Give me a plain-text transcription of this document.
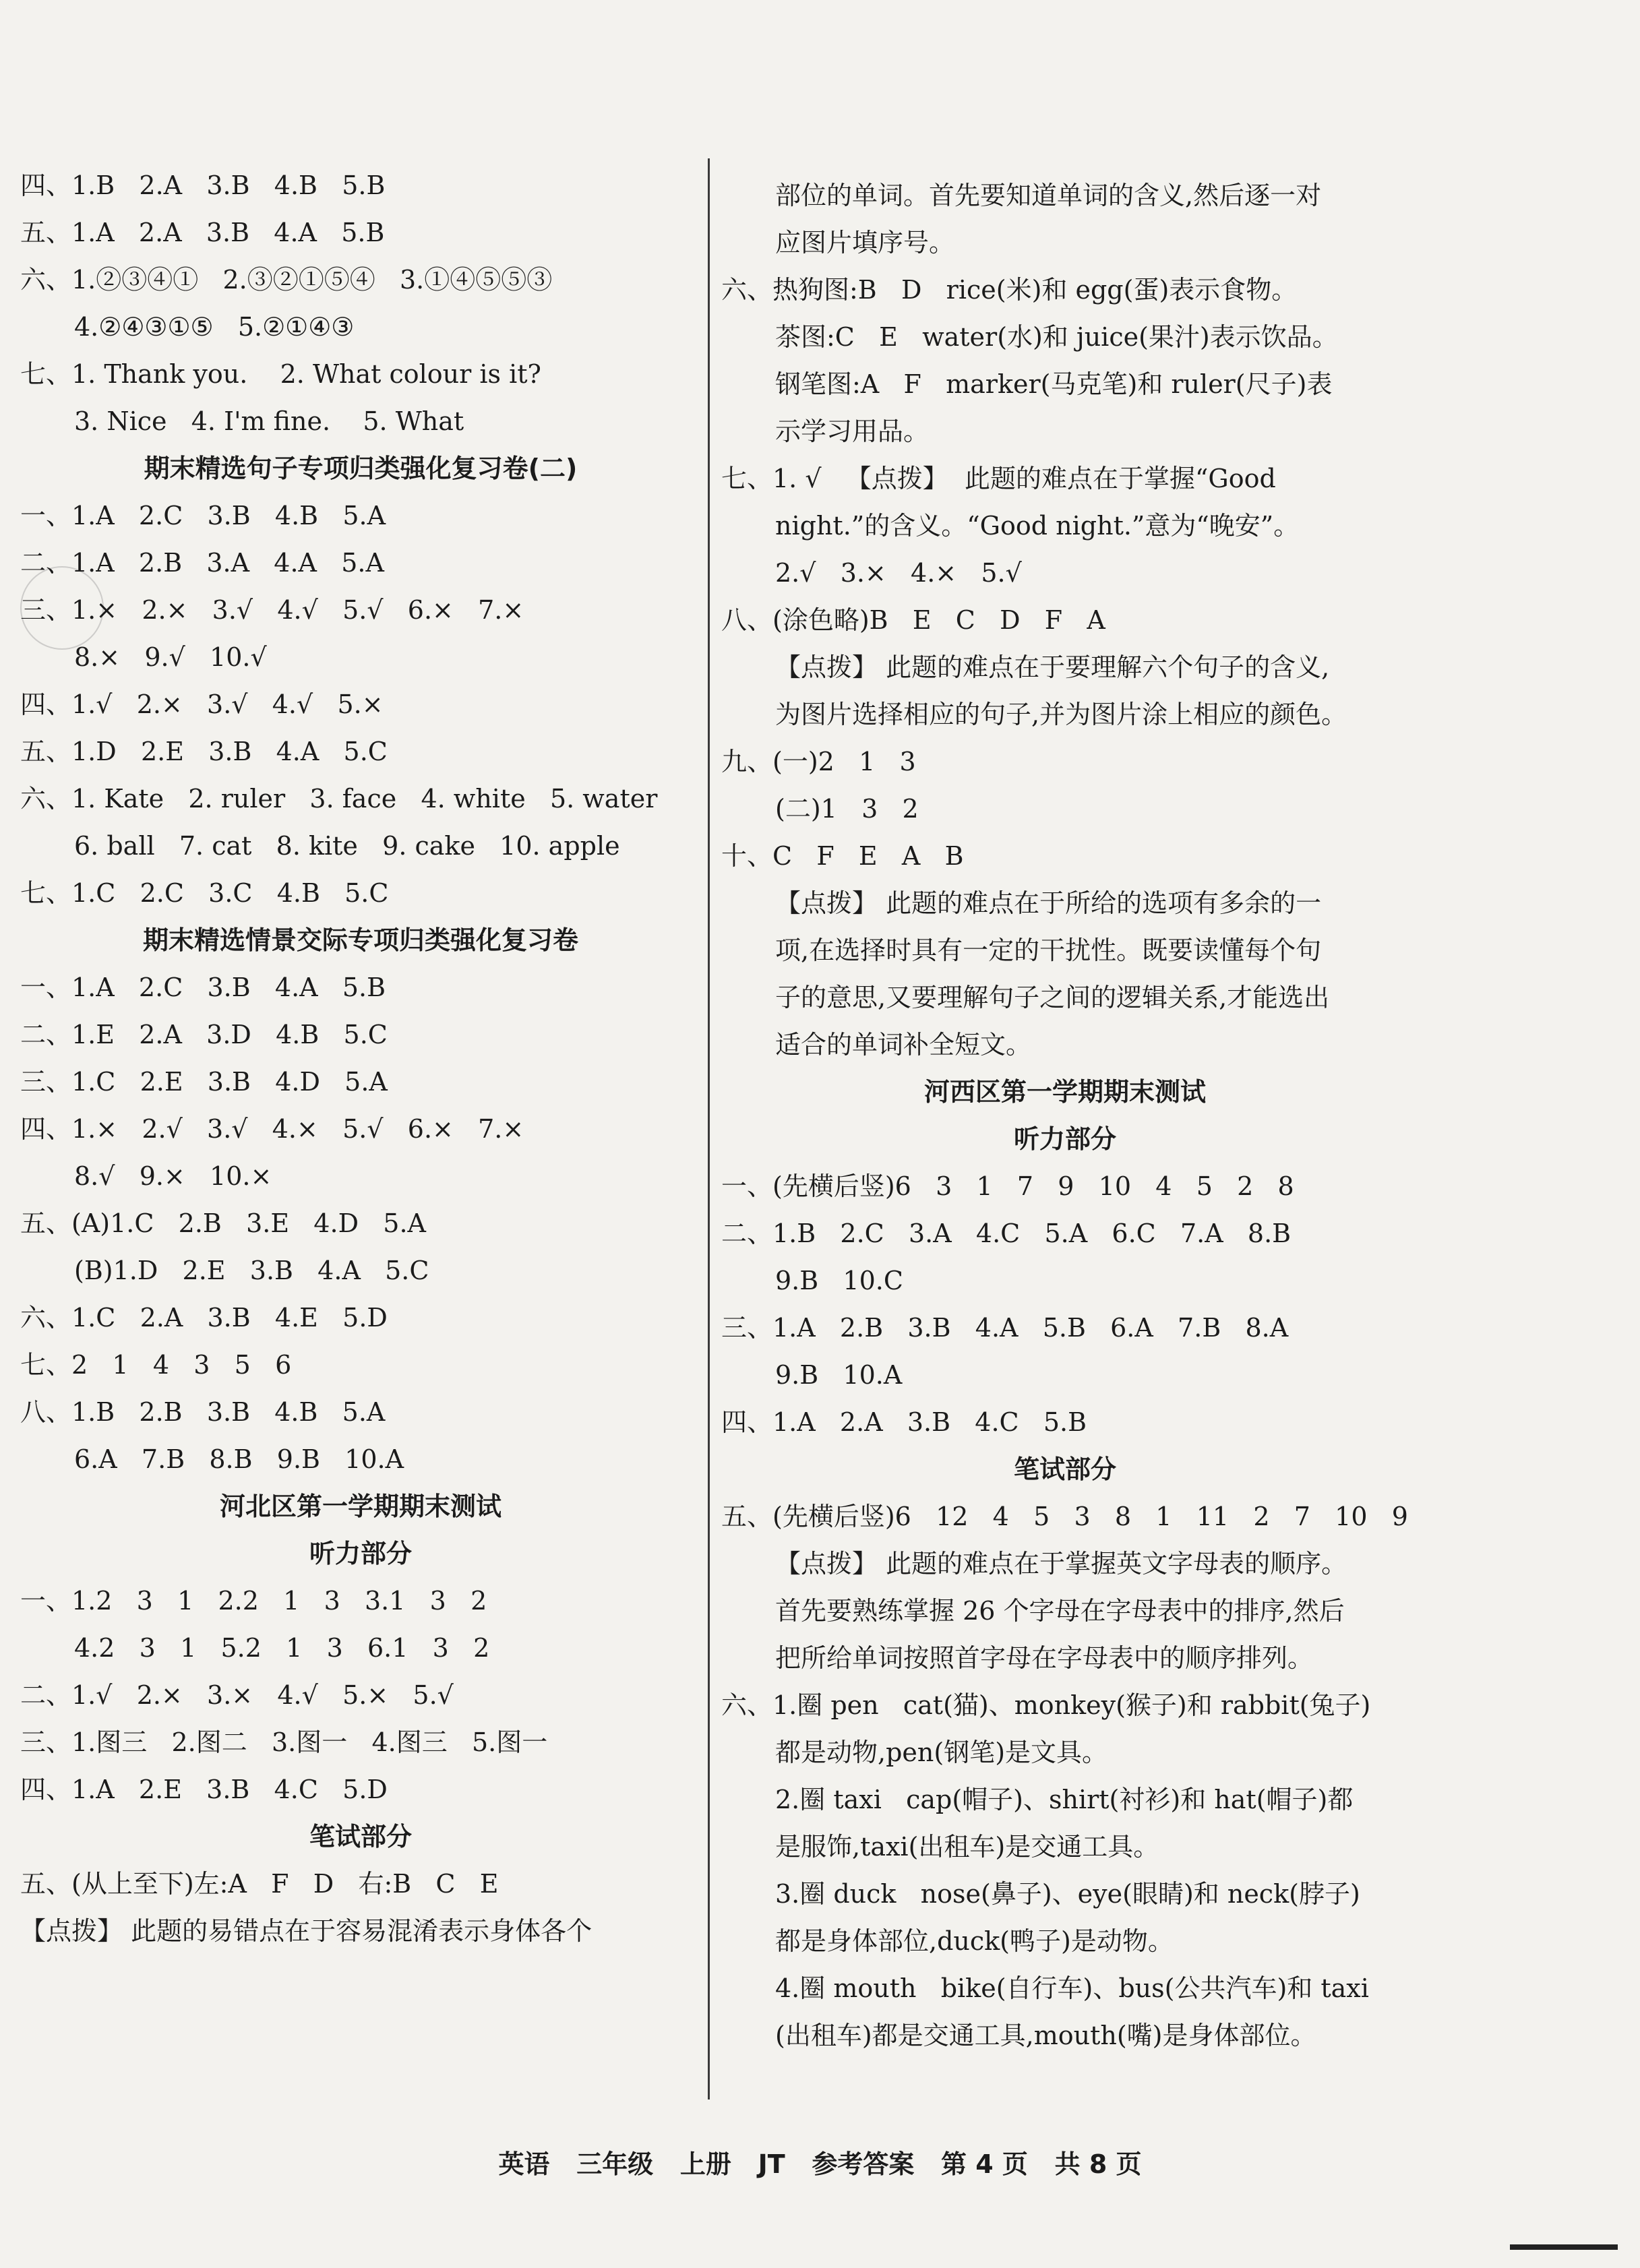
四、1.B   2.A   3.B   4.B   5.B
五、1.A   2.A   3.B   4.A   5.B
六、1.②③④①   2.③②①⑤④   3.①④⑤⑤③
4.②④③①⑤   5.②①④③
七、1. Thank you.    2. What colour is it?
3. Nice   4. I'm fine.    5. What
期末精选句子专项归类强化复习卷(二)
一、1.A   2.C   3.B   4.B   5.A
二、1.A   2.B   3.A   4.A   5.A
三、1.×   2.×   3.√   4.√   5.√   6.×   7.×
8.×   9.√   10.√
四、1.√   2.×   3.√   4.√   5.×
五、1.D   2.E   3.B   4.A   5.C
六、1. Kate   2. ruler   3. face   4. white   5. water
6. ball   7. cat   8. kite   9. cake   10. apple
七、1.C   2.C   3.C   4.B   5.C
期末精选情景交际专项归类强化复习卷
一、1.A   2.C   3.B   4.A   5.B
二、1.E   2.A   3.D   4.B   5.C
三、1.C   2.E   3.B   4.D   5.A
四、1.×   2.√   3.√   4.×   5.√   6.×   7.×
8.√   9.×   10.×
五、(A)1.C   2.B   3.E   4.D   5.A
(B)1.D   2.E   3.B   4.A   5.C
六、1.C   2.A   3.B   4.E   5.D
七、2   1   4   3   5   6
八、1.B   2.B   3.B   4.B   5.A
6.A   7.B   8.B   9.B   10.A
河北区第一学期期末测试
听力部分
一、1.2   3   1   2.2   1   3   3.1   3   2
4.2   3   1   5.2   1   3   6.1   3   2
二、1.√   2.×   3.×   4.√   5.×   5.√
三、1.图三   2.图二   3.图一   4.图三   5.图一
四、1.A   2.E   3.B   4.C   5.D
笔试部分
五、(从上至下)左:A   F   D   右:B   C   E
【点拨】 此题的易错点在于容易混淆表示身体各个
部位的单词。首先要知道单词的含义,然后逐一对
应图片填序号。
六、热狗图:B   D   rice(米)和 egg(蛋)表示食物。
茶图:C   E   water(水)和 juice(果汁)表示饮品。
钢笔图:A   F   marker(马克笔)和 ruler(尺子)表
示学习用品。
七、1. √   【点拨】  此题的难点在于掌握“Good
night.”的含义。“Good night.”意为“晚安”。
2.√   3.×   4.×   5.√
八、(涂色略)B   E   C   D   F   A
【点拨】 此题的难点在于要理解六个句子的含义,
为图片选择相应的句子,并为图片涂上相应的颜色。
九、(一)2   1   3
(二)1   3   2
十、C   F   E   A   B
【点拨】 此题的难点在于所给的选项有多余的一
项,在选择时具有一定的干扰性。既要读懂每个句
子的意思,又要理解句子之间的逻辑关系,才能选出
适合的单词补全短文。
河西区第一学期期末测试
听力部分
一、(先横后竖)6   3   1   7   9   10   4   5   2   8
二、1.B   2.C   3.A   4.C   5.A   6.C   7.A   8.B
9.B   10.C
三、1.A   2.B   3.B   4.A   5.B   6.A   7.B   8.A
9.B   10.A
四、1.A   2.A   3.B   4.C   5.B
笔试部分
五、(先横后竖)6   12   4   5   3   8   1   11   2   7   10   9
【点拨】 此题的难点在于掌握英文字母表的顺序。
首先要熟练掌握 26 个字母在字母表中的排序,然后
把所给单词按照首字母在字母表中的顺序排列。
六、1.圈 pen   cat(猫)、monkey(猴子)和 rabbit(兔子)
都是动物,pen(钢笔)是文具。
2.圈 taxi   cap(帽子)、shirt(衬衫)和 hat(帽子)都
是服饰,taxi(出租车)是交通工具。
3.圈 duck   nose(鼻子)、eye(眼睛)和 neck(脖子)
都是身体部位,duck(鸭子)是动物。
4.圈 mouth   bike(自行车)、bus(公共汽车)和 taxi
(出租车)都是交通工具,mouth(嘴)是身体部位。
英语   三年级   上册   JT   参考答案   第 4 页   共 8 页
